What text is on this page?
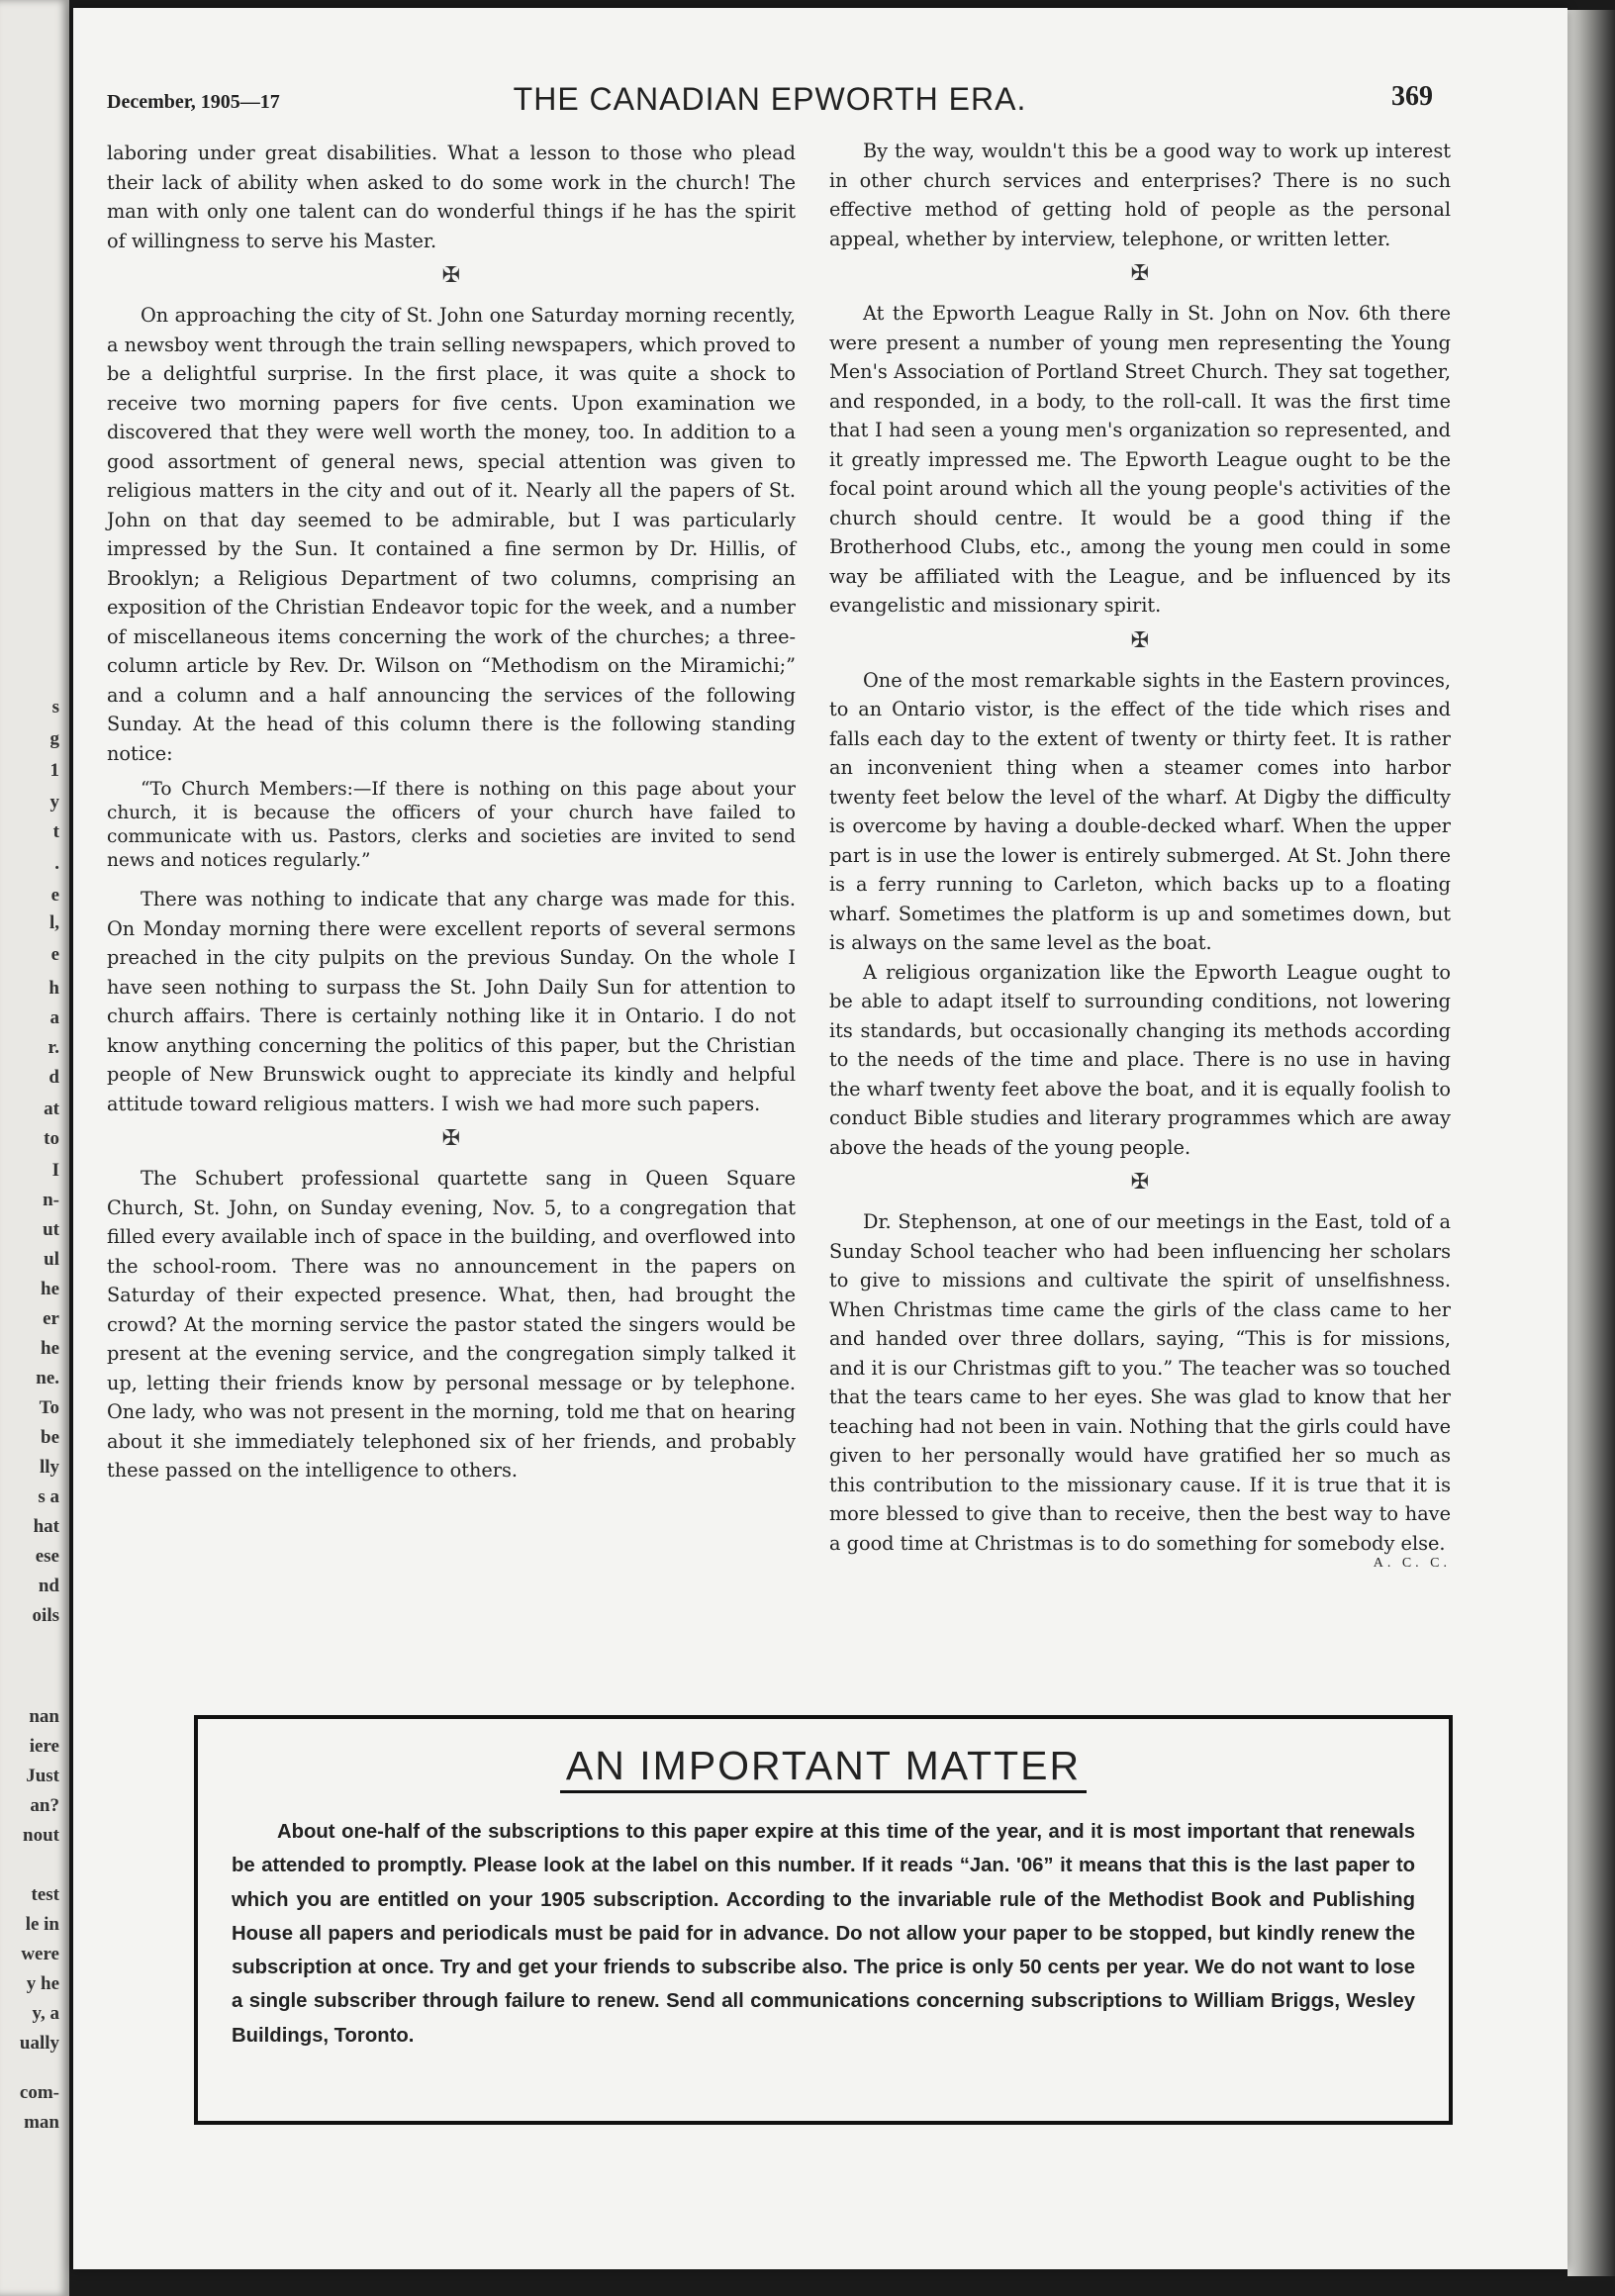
s
g
1
y
t
.
e
l,
e
h
a
r.
d
at
to
I
n-
ut
ul
he
er
he
ne.
To
be
lly
s a
hat
ese
nd
oils
nan
iere
Just
an?
nout
test
le in
were
y he
y, a
ually
com-
man
December, 1905—17	THE CANADIAN EPWORTH ERA.	369

laboring under great disabilities. What a lesson to those who plead their lack of ability when asked to do some work in the church! The man with only one talent can do wonderful things if he has the spirit of willingness to serve his Master.

✠

On approaching the city of St. John one Saturday morning recently, a newsboy went through the train selling newspapers, which proved to be a delightful surprise. In the first place, it was quite a shock to receive two morning papers for five cents. Upon examination we discovered that they were well worth the money, too. In addition to a good assortment of general news, special attention was given to religious matters in the city and out of it. Nearly all the papers of St. John on that day seemed to be admirable, but I was particularly impressed by the Sun. It contained a fine sermon by Dr. Hillis, of Brooklyn; a Religious Department of two columns, comprising an exposition of the Christian Endeavor topic for the week, and a number of miscellaneous items concerning the work of the churches; a three-column article by Rev. Dr. Wilson on “Methodism on the Miramichi;” and a column and a half announcing the services of the following Sunday. At the head of this column there is the following standing notice:

“To Church Members:—If there is nothing on this page about your church, it is because the officers of your church have failed to communicate with us. Pastors, clerks and societies are invited to send news and notices regularly.”

There was nothing to indicate that any charge was made for this. On Monday morning there were excellent reports of several sermons preached in the city pulpits on the previous Sunday. On the whole I have seen nothing to surpass the St. John Daily Sun for attention to church affairs. There is certainly nothing like it in Ontario. I do not know anything concerning the politics of this paper, but the Christian people of New Brunswick ought to appreciate its kindly and helpful attitude toward religious matters. I wish we had more such papers.

✠

The Schubert professional quartette sang in Queen Square Church, St. John, on Sunday evening, Nov. 5, to a congregation that filled every available inch of space in the building, and overflowed into the school-room. There was no announcement in the papers on Saturday of their expected presence. What, then, had brought the crowd? At the morning service the pastor stated the singers would be present at the evening service, and the congregation simply talked it up, letting their friends know by personal message or by telephone. One lady, who was not present in the morning, told me that on hearing about it she immediately telephoned six of her friends, and probably these passed on the intelligence to others.

By the way, wouldn't this be a good way to work up interest in other church services and enterprises? There is no such effective method of getting hold of people as the personal appeal, whether by interview, telephone, or written letter.

✠

At the Epworth League Rally in St. John on Nov. 6th there were present a number of young men representing the Young Men's Association of Portland Street Church. They sat together, and responded, in a body, to the roll-call. It was the first time that I had seen a young men's organization so represented, and it greatly impressed me. The Epworth League ought to be the focal point around which all the young people's activities of the church should centre. It would be a good thing if the Brotherhood Clubs, etc., among the young men could in some way be affiliated with the League, and be influenced by its evangelistic and missionary spirit.

✠

One of the most remarkable sights in the Eastern provinces, to an Ontario vistor, is the effect of the tide which rises and falls each day to the extent of twenty or thirty feet. It is rather an inconvenient thing when a steamer comes into harbor twenty feet below the level of the wharf. At Digby the difficulty is overcome by having a double-decked wharf. When the upper part is in use the lower is entirely submerged. At St. John there is a ferry running to Carleton, which backs up to a floating wharf. Sometimes the platform is up and sometimes down, but is always on the same level as the boat.

A religious organization like the Epworth League ought to be able to adapt itself to surrounding conditions, not lowering its standards, but occasionally changing its methods according to the needs of the time and place. There is no use in having the wharf twenty feet above the boat, and it is equally foolish to conduct Bible studies and literary programmes which are away above the heads of the young people.

✠

Dr. Stephenson, at one of our meetings in the East, told of a Sunday School teacher who had been influencing her scholars to give to missions and cultivate the spirit of unselfishness. When Christmas time came the girls of the class came to her and handed over three dollars, saying, “This is for missions, and it is our Christmas gift to you.” The teacher was so touched that the tears came to her eyes. She was glad to know that her teaching had not been in vain. Nothing that the girls could have given to her personally would have gratified her so much as this contribution to the missionary cause. If it is true that it is more blessed to give than to receive, then the best way to have a good time at Christmas is to do something for somebody else.

A. C. C.
AN IMPORTANT MATTER

About one-half of the subscriptions to this paper expire at this time of the year, and it is most important that renewals be attended to promptly. Please look at the label on this number. If it reads “Jan. '06” it means that this is the last paper to which you are entitled on your 1905 subscription. According to the invariable rule of the Methodist Book and Publishing House all papers and periodicals must be paid for in advance. Do not allow your paper to be stopped, but kindly renew the subscription at once. Try and get your friends to subscribe also. The price is only 50 cents per year. We do not want to lose a single subscriber through failure to renew. Send all communications concerning subscriptions to William Briggs, Wesley Buildings, Toronto.
